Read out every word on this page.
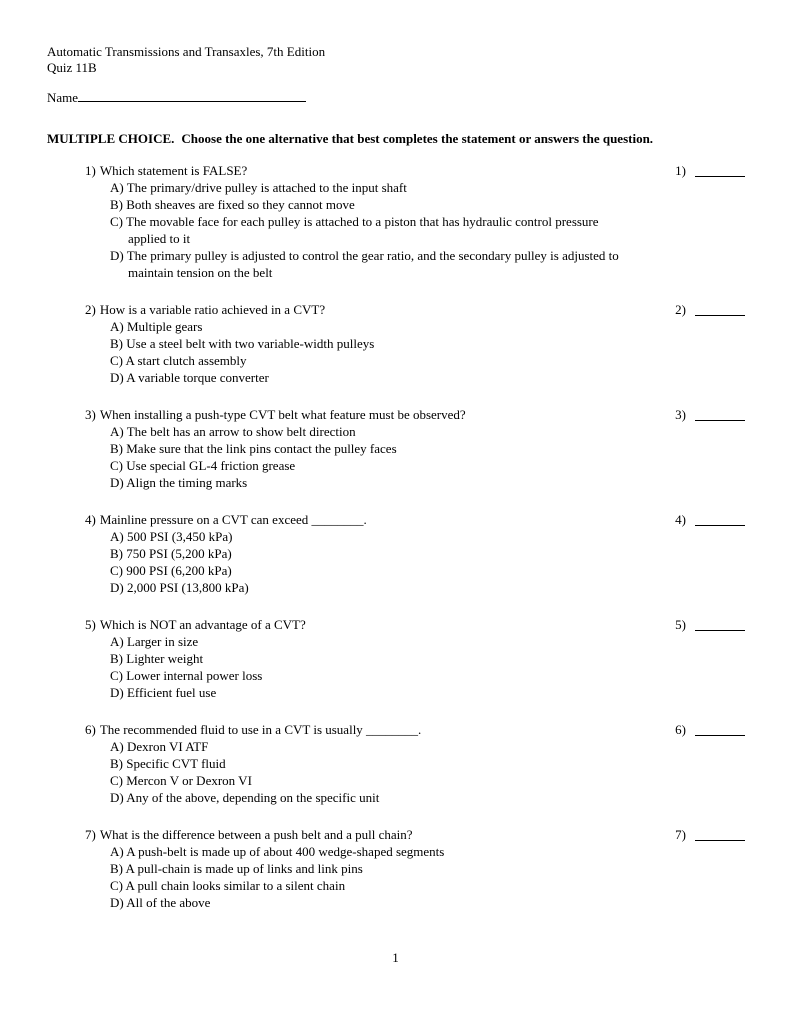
Automatic Transmissions and Transaxles, 7th Edition
Quiz 11B
Name
MULTIPLE CHOICE. Choose the one alternative that best completes the statement or answers the question.
1) Which statement is FALSE?	1)
A) The primary/drive pulley is attached to the input shaft
B) Both sheaves are fixed so they cannot move
C) The movable face for each pulley is attached to a piston that has hydraulic control pressure applied to it
D) The primary pulley is adjusted to control the gear ratio, and the secondary pulley is adjusted to maintain tension on the belt
2) How is a variable ratio achieved in a CVT?	2)
A) Multiple gears
B) Use a steel belt with two variable-width pulleys
C) A start clutch assembly
D) A variable torque converter
3) When installing a push-type CVT belt what feature must be observed?	3)
A) The belt has an arrow to show belt direction
B) Make sure that the link pins contact the pulley faces
C) Use special GL-4 friction grease
D) Align the timing marks
4) Mainline pressure on a CVT can exceed ________.	4)
A) 500 PSI (3,450 kPa)
B) 750 PSI (5,200 kPa)
C) 900 PSI (6,200 kPa)
D) 2,000 PSI (13,800 kPa)
5) Which is NOT an advantage of a CVT?	5)
A) Larger in size
B) Lighter weight
C) Lower internal power loss
D) Efficient fuel use
6) The recommended fluid to use in a CVT is usually ________.	6)
A) Dexron VI ATF
B) Specific CVT fluid
C) Mercon V or Dexron VI
D) Any of the above, depending on the specific unit
7) What is the difference between a push belt and a pull chain?	7)
A) A push-belt is made up of about 400 wedge-shaped segments
B) A pull-chain is made up of links and link pins
C) A pull chain looks similar to a silent chain
D) All of the above
1
